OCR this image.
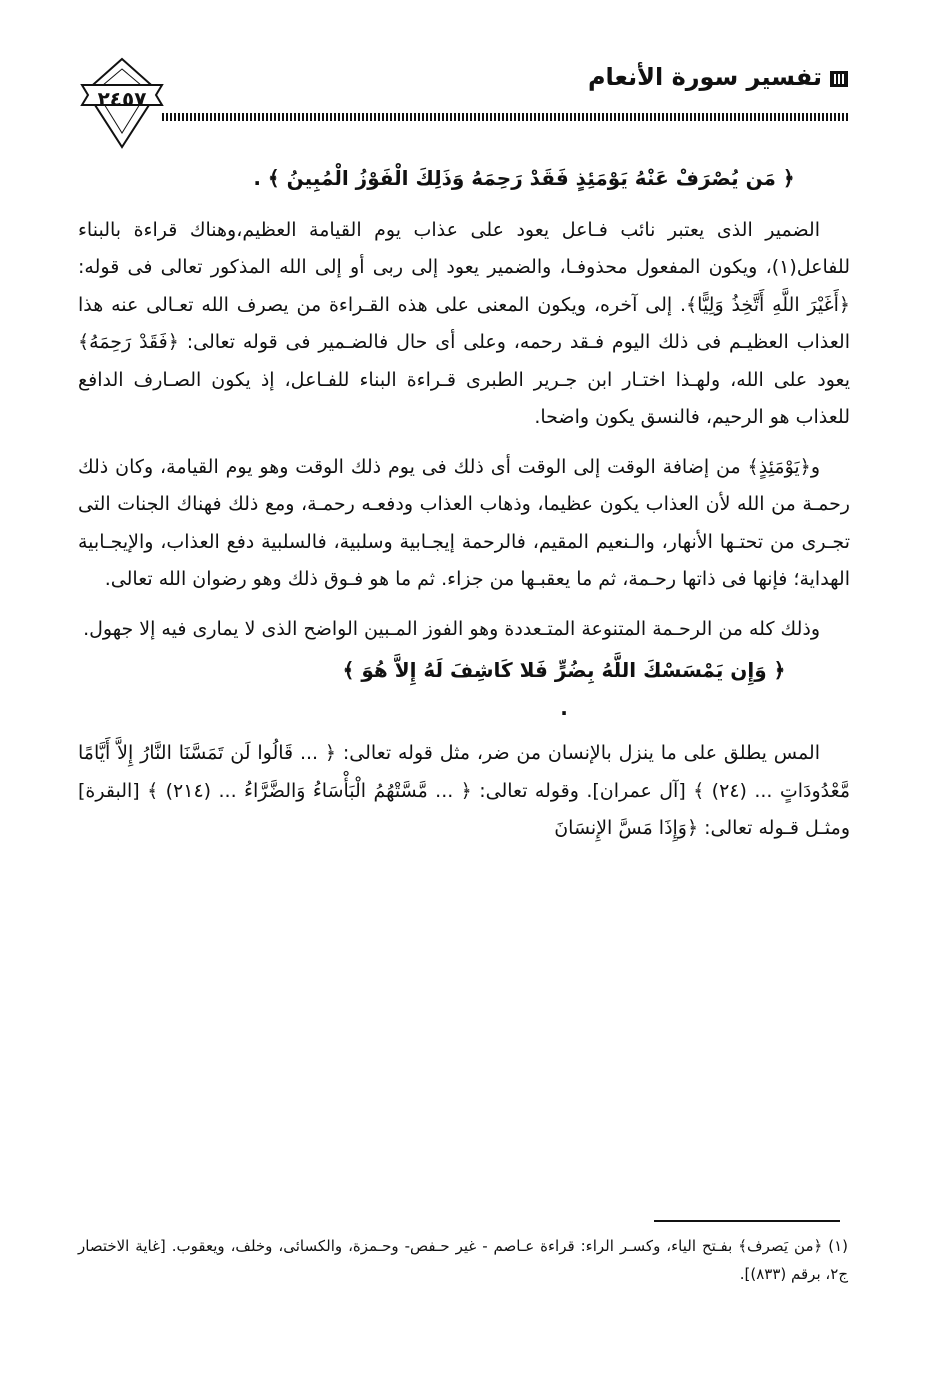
تفسير سورة الأنعام
٢٤٥٧

﴿ مَن يُصْرَفْ عَنْهُ يَوْمَئِذٍ فَقَدْ رَحِمَهُ وَذَلِكَ الْفَوْزُ الْمُبِينُ ﴾ .

الضمير الذى يعتبر نائب فـاعل يعود على عذاب يوم القيامة العظيم،وهناك قراءة بالبناء للفاعل(١)، ويكون المفعول محذوفـا، والضمير يعود إلى ربى أو إلى الله المذكور تعالى فى قوله: ﴿أَغَيْرَ اللَّهِ أَتَّخِذُ وَلِيًّا﴾. إلى آخره، ويكون المعنى على هذه القـراءة من يصرف الله تعـالى عنه هذا العذاب العظيـم فى ذلك اليوم فـقد رحمه، وعلى أى حال فالضـمير فى قوله تعالى: ﴿فَقَدْ رَحِمَهُ﴾ يعود على الله، ولهـذا اختـار ابن جـرير الطبرى قـراءة البناء للفـاعل، إذ يكون الصـارف الدافع للعذاب هو الرحيم، فالنسق يكون واضحا.

و﴿يَوْمَئِذٍ﴾ من إضافة الوقت إلى الوقت أى ذلك فى يوم ذلك الوقت وهو يوم القيامة، وكان ذلك رحمـة من الله لأن العذاب يكون عظيما، وذهاب العذاب ودفعـه رحمـة، ومع ذلك فهناك الجنات التى تجـرى من تحتـها الأنهار، والـنعيم المقيم، فالرحمة إيجـابية وسلبية، فالسلبية دفع العذاب، والإيجـابية الهداية؛ فإنها فى ذاتها رحـمة، ثم ما يعقبـها من جزاء. ثم ما هو فـوق ذلك وهو رضوان الله تعالى.

وذلك كله من الرحـمة المتنوعة المتـعددة وهو الفوز المـبين الواضح الذى لا يمارى فيه إلا جهول.

﴿ وَإِن يَمْسَسْكَ اللَّهُ بِضُرٍّ فَلا كَاشِفَ لَهُ إِلاَّ هُوَ ﴾ .

المس يطلق على ما ينزل بالإنسان من ضر، مثل قوله تعالى: ﴿ ... قَالُوا لَن تَمَسَّنَا النَّارُ إِلاَّ أَيَّامًا مَّعْدُودَاتٍ ... (٢٤) ﴾ [آل عمران]. وقوله تعالى: ﴿ ... مَّسَّتْهُمُ الْبَأْسَاءُ وَالضَّرَّاءُ ... (٢١٤) ﴾ [البقرة] ومثـل قـوله تعالى: ﴿وَإِذَا مَسَّ الإِنسَانَ

(١) ﴿من يَصرف﴾ بفـتح الياء، وكسـر الراء: قراءة عـاصم - غير حـفص- وحـمزة، والكسائى، وخلف، ويعقوب. [غاية الاختصار ج٢، برقم (٨٣٣)].
